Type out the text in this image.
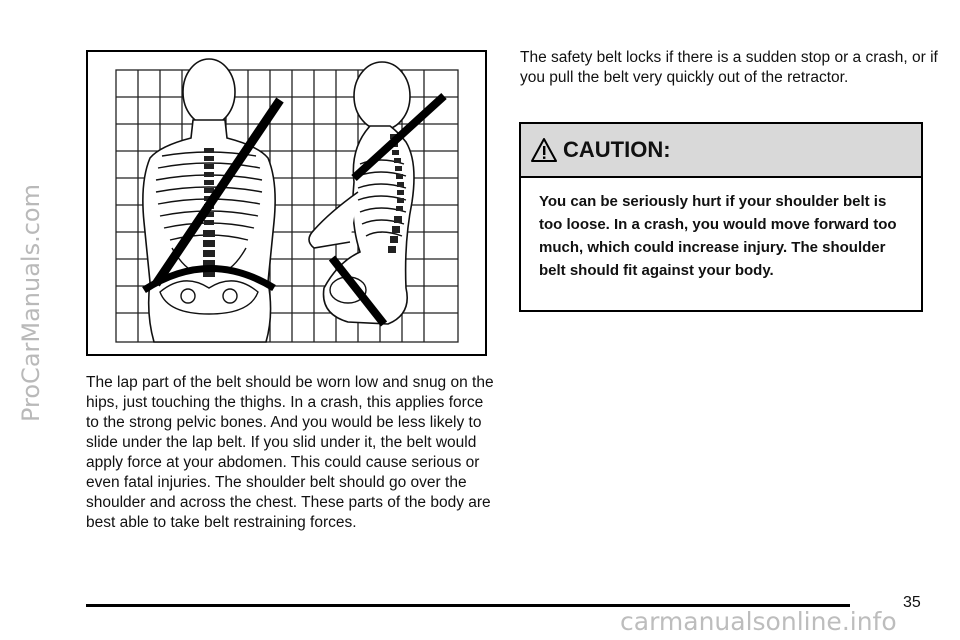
ProCarManuals.com	The lap part of the belt should be worn low and snug on the hips, just touching the thighs. In a crash, this applies force to the strong pelvic bones. And you would be less likely to slide under the lap belt. If you slid under it, the belt would apply force at your abdomen. This could cause serious or even fatal injuries. The shoulder belt should go over the shoulder and across the chest. These parts of the body are best able to take belt restraining forces.

The safety belt locks if there is a sudden stop or a crash, or if you pull the belt very quickly out of the retractor.

CAUTION:
You can be seriously hurt if your shoulder belt is too loose. In a crash, you would move forward too much, which could increase injury. The shoulder belt should fit against your body.
35
carmanualsonline.info
